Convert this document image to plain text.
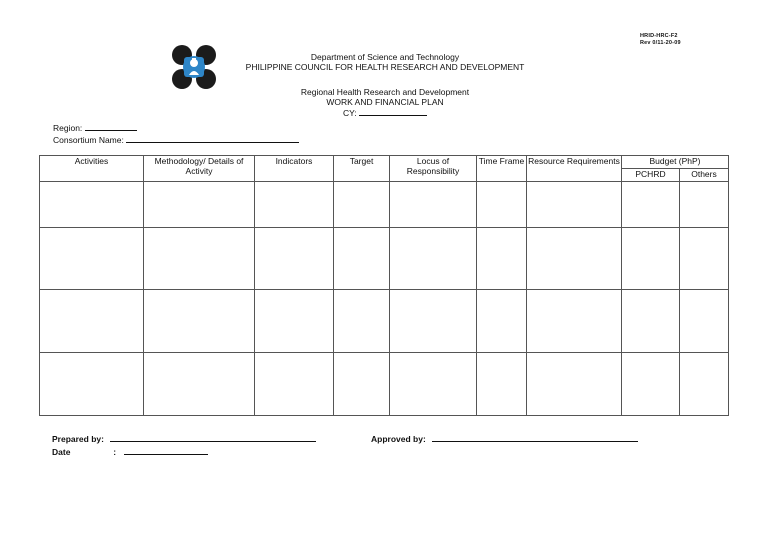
HRID-HRC-F2
Rev 0/11-20-09
Department of Science and Technology
PHILIPPINE COUNCIL FOR HEALTH RESEARCH AND DEVELOPMENT
Regional Health Research and Development
WORK AND FINANCIAL PLAN
CY:
Region:
Consortium Name:
Activities	Methodology/ Details of Activity	Indicators	Target	Locus of Responsibility	Time Frame	Resource Requirements	Budget (PhP)	
							PCHRD	Others

Prepared by:	Approved by:
Date	:
